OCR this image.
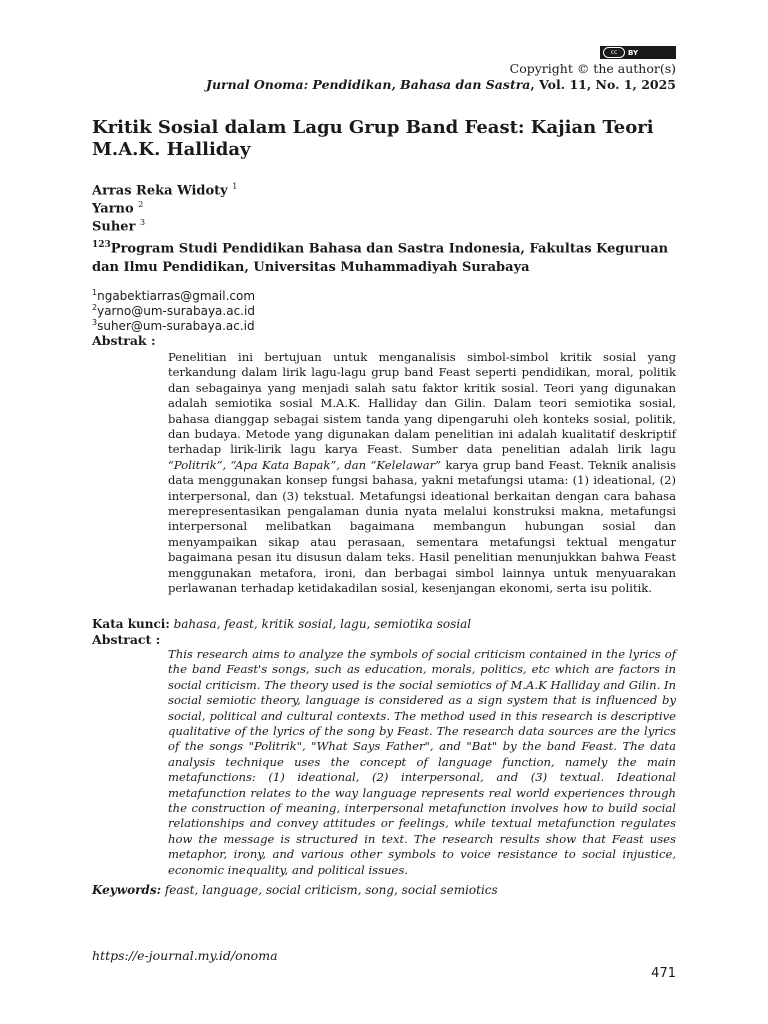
cc	BY
Copyright © the author(s)
Jurnal Onoma: Pendidikan, Bahasa dan Sastra, Vol. 11, No. 1, 2025
Kritik Sosial dalam Lagu Grup Band Feast: Kajian Teori M.A.K. Halliday
Arras Reka Widoty $^1$
Yarno $^2$
Suher $^3$
$^{123}$Program Studi Pendidikan Bahasa dan Sastra Indonesia, Fakultas Keguruan dan Ilmu Pendidikan, Universitas Muhammadiyah Surabaya
$^1$ngabektiarras@gmail.com
$^2$yarno@um-surabaya.ac.id
$^3$suher@um-surabaya.ac.id
Abstrak :

Penelitian ini bertujuan untuk menganalisis simbol-simbol kritik sosial yang terkandung dalam lirik lagu-lagu grup band Feast seperti pendidikan, moral, politik dan sebagainya yang menjadi salah satu faktor kritik sosial. Teori yang digunakan adalah semiotika sosial M.A.K. Halliday dan Gilin. Dalam teori semiotika sosial, bahasa dianggap sebagai sistem tanda yang dipengaruhi oleh konteks sosial, politik, dan budaya. Metode yang digunakan dalam penelitian ini adalah kualitatif deskriptif terhadap lirik-lirik lagu karya Feast. Sumber data penelitian adalah lirik lagu “Politrik”, “Apa Kata Bapak”, dan “Kelelawar” karya grup band Feast. Teknik analisis data menggunakan konsep fungsi bahasa, yakni metafungsi utama: (1) ideational, (2) interpersonal, dan (3) tekstual. Metafungsi ideational berkaitan dengan cara bahasa merepresentasikan pengalaman dunia nyata melalui konstruksi makna, metafungsi interpersonal melibatkan bagaimana membangun hubungan sosial dan menyampaikan sikap atau perasaan, sementara metafungsi tektual mengatur bagaimana pesan itu disusun dalam teks. Hasil penelitian menunjukkan bahwa Feast menggunakan metafora, ironi, dan berbagai simbol lainnya untuk menyuarakan perlawanan terhadap ketidakadilan sosial, kesenjangan ekonomi, serta isu politik.

Kata kunci: bahasa, feast, kritik sosial, lagu, semiotika sosial
Abstract :

This research aims to analyze the symbols of social criticism contained in the lyrics of the band Feast's songs, such as education, morals, politics, etc which are factors in social criticism. The theory used is the social semiotics of M.A.K Halliday and Gilin. In social semiotic theory, language is considered as a sign system that is influenced by social, political and cultural contexts. The method used in this research is descriptive qualitative of the lyrics of the song by Feast. The research data sources are the lyrics of the songs "Politrik", "What Says Father", and "Bat" by the band Feast. The data analysis technique uses the concept of language function, namely the main metafunctions: (1) ideational, (2) interpersonal, and (3) textual. Ideational metafunction relates to the way language represents real world experiences through the construction of meaning, interpersonal metafunction involves how to build social relationships and convey attitudes or feelings, while textual metafunction regulates how the message is structured in text. The research results show that Feast uses metaphor, irony, and various other symbols to voice resistance to social injustice, economic inequality, and political issues.

Keywords: feast, language, social criticism, song, social semiotics
https://e-journal.my.id/onoma
471
